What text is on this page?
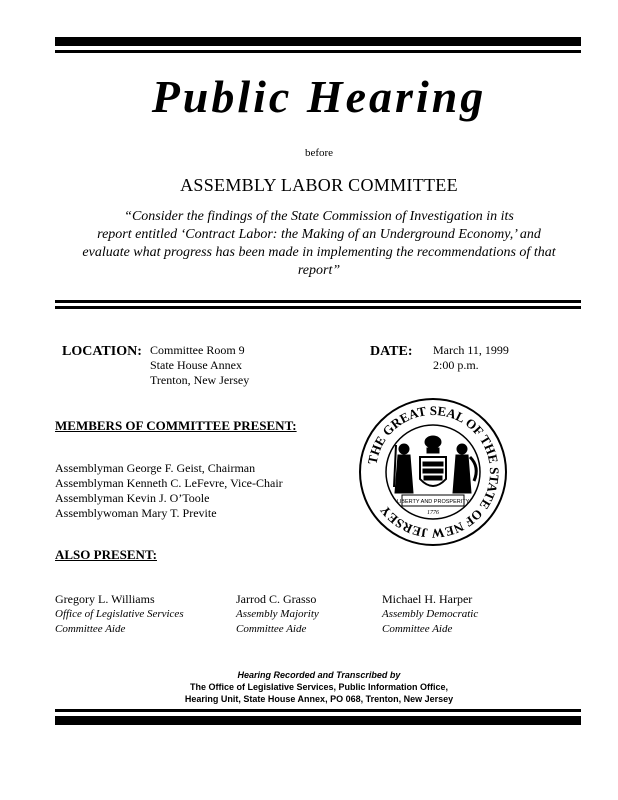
Public Hearing
before
ASSEMBLY LABOR COMMITTEE
“Consider the findings of the State Commission of Investigation in its
report entitled ‘Contract Labor: the Making of an Underground Economy,’ and
evaluate what progress has been made in implementing the recommendations of that
report”
LOCATION: Committee Room 9
State House Annex
Trenton, New Jersey
DATE: March 11, 1999
2:00 p.m.
MEMBERS OF COMMITTEE PRESENT:
Assemblyman George F. Geist, Chairman
Assemblyman Kenneth C. LeFevre, Vice-Chair
Assemblyman Kevin J. O’Toole
Assemblywoman Mary T. Previte
THE GREAT SEAL OF THE STATE OF NEW JERSEY
LIBERTY AND PROSPERITY
1776
ALSO PRESENT:
Gregory L. Williams
Office of Legislative Services
Committee Aide
Jarrod C. Grasso
Assembly Majority
Committee Aide
Michael H. Harper
Assembly Democratic
Committee Aide
Hearing Recorded and Transcribed by
The Office of Legislative Services, Public Information Office,
Hearing Unit, State House Annex, PO 068, Trenton, New Jersey
